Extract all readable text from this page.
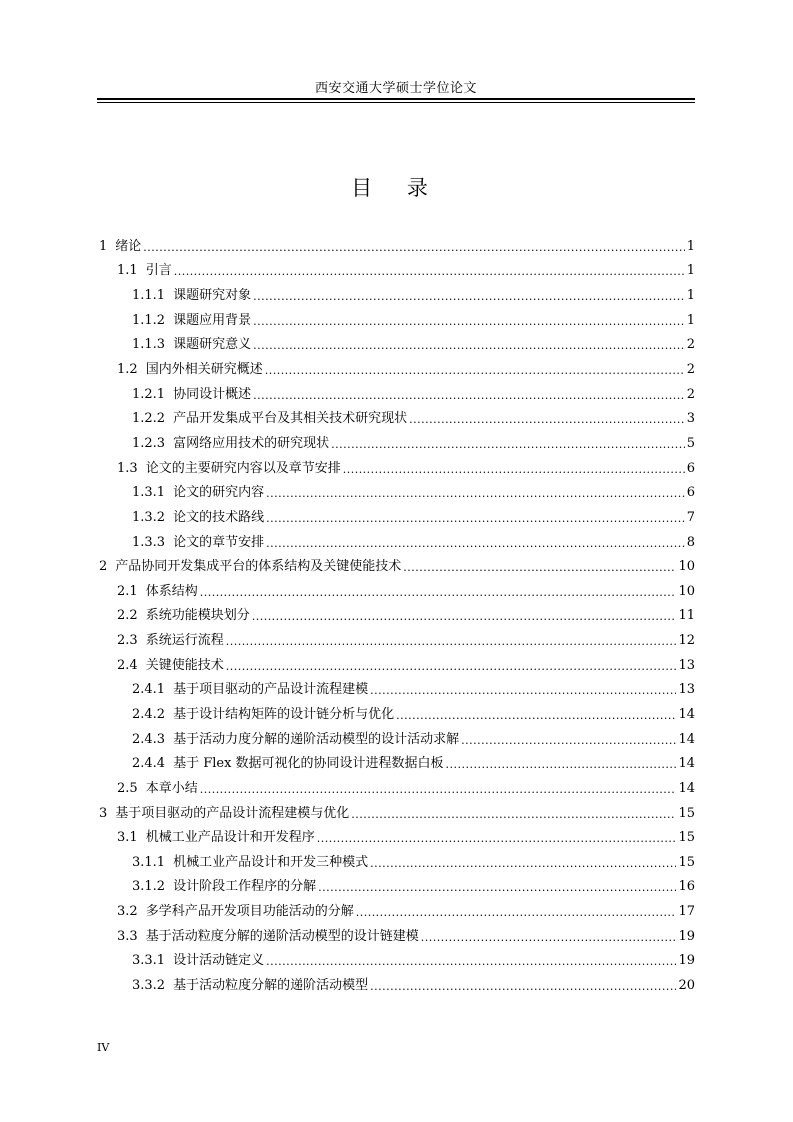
西安交通大学硕士学位论文
目 录
1 绪论 .....	1
1.1 引言 .....	1
1.1.1 课题研究对象 .....	1
1.1.2 课题应用背景 .....	1
1.1.3 课题研究意义 .....	2
1.2 国内外相关研究概述 .....	2
1.2.1 协同设计概述 .....	2
1.2.2 产品开发集成平台及其相关技术研究现状 .....	3
1.2.3 富网络应用技术的研究现状 .....	5
1.3 论文的主要研究内容以及章节安排 .....	6
1.3.1 论文的研究内容 .....	6
1.3.2 论文的技术路线 .....	7
1.3.3 论文的章节安排 .....	8
2 产品协同开发集成平台的体系结构及关键使能技术 .....	10
2.1 体系结构 .....	10
2.2 系统功能模块划分 .....	11
2.3 系统运行流程 .....	12
2.4 关键使能技术 .....	13
2.4.1 基于项目驱动的产品设计流程建模 .....	13
2.4.2 基于设计结构矩阵的设计链分析与优化 .....	14
2.4.3 基于活动力度分解的递阶活动模型的设计活动求解 .....	14
2.4.4 基于 Flex 数据可视化的协同设计进程数据白板 .....	14
2.5 本章小结 .....	14
3 基于项目驱动的产品设计流程建模与优化 .....	15
3.1 机械工业产品设计和开发程序 .....	15
3.1.1 机械工业产品设计和开发三种模式 .....	15
3.1.2 设计阶段工作程序的分解 .....	16
3.2 多学科产品开发项目功能活动的分解 .....	17
3.3 基于活动粒度分解的递阶活动模型的设计链建模 .....	19
3.3.1 设计活动链定义 .....	19
3.3.2 基于活动粒度分解的递阶活动模型 .....	20
IV
